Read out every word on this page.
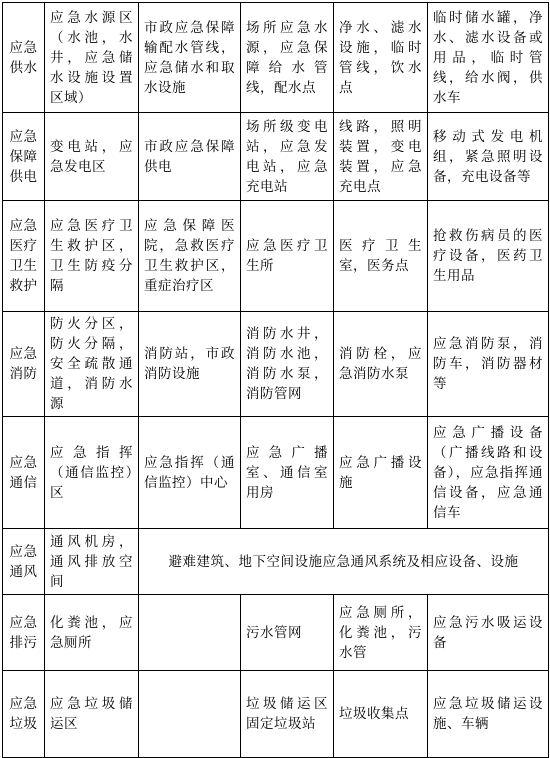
应急供水	应急水源区（水池，水井，应急储水设施设置区域）	市政应急保障输配水管线，应急储水和取水设施	场所应急水源，应急保障给水管线，配水点	净水、滤水设施，临时管线，饮水点	临时储水罐，净水、滤水设备或用品，临时管线，给水阀，供水车
应急保障供电	变电站，应急发电区	市政应急保障供电	场所级变电站，应急发电站，应急充电站	线路，照明装置，变电装置，应急充电点	移动式发电机组，紧急照明设备，充电设备等
应急医疗卫生救护	应急医疗卫生救护区，卫生防疫分隔	应急保障医院，急救医疗卫生救护区，重症治疗区	应急医疗卫生所	医疗卫生室，医务点	抢救伤病员的医疗设备，医药卫生用品
应急消防	防火分区，防火分隔，安全疏散通道，消防水源	消防站，市政消防设施	消防水井，消防水池，消防水泵，消防管网	消防栓，应急消防水泵	应急消防泵，消防车，消防器材等
应急通信	应急指挥（通信监控）区	应急指挥（通信监控）中心	应急广播室、通信室用房	应急广播设施	应急广播设备（广播线路和设备），应急指挥通信设备，应急通信车
应急通风	通风机房，通风排放空间	避难建筑、地下空间设施应急通风系统及相应设备、设施			
应急排污	化粪池，应急厕所		污水管网	应急厕所，化粪池，污水管	应急污水吸运设备
应急垃圾	应急垃圾储运区		垃圾储运区固定垃圾站	垃圾收集点	应急垃圾储运设施、车辆
